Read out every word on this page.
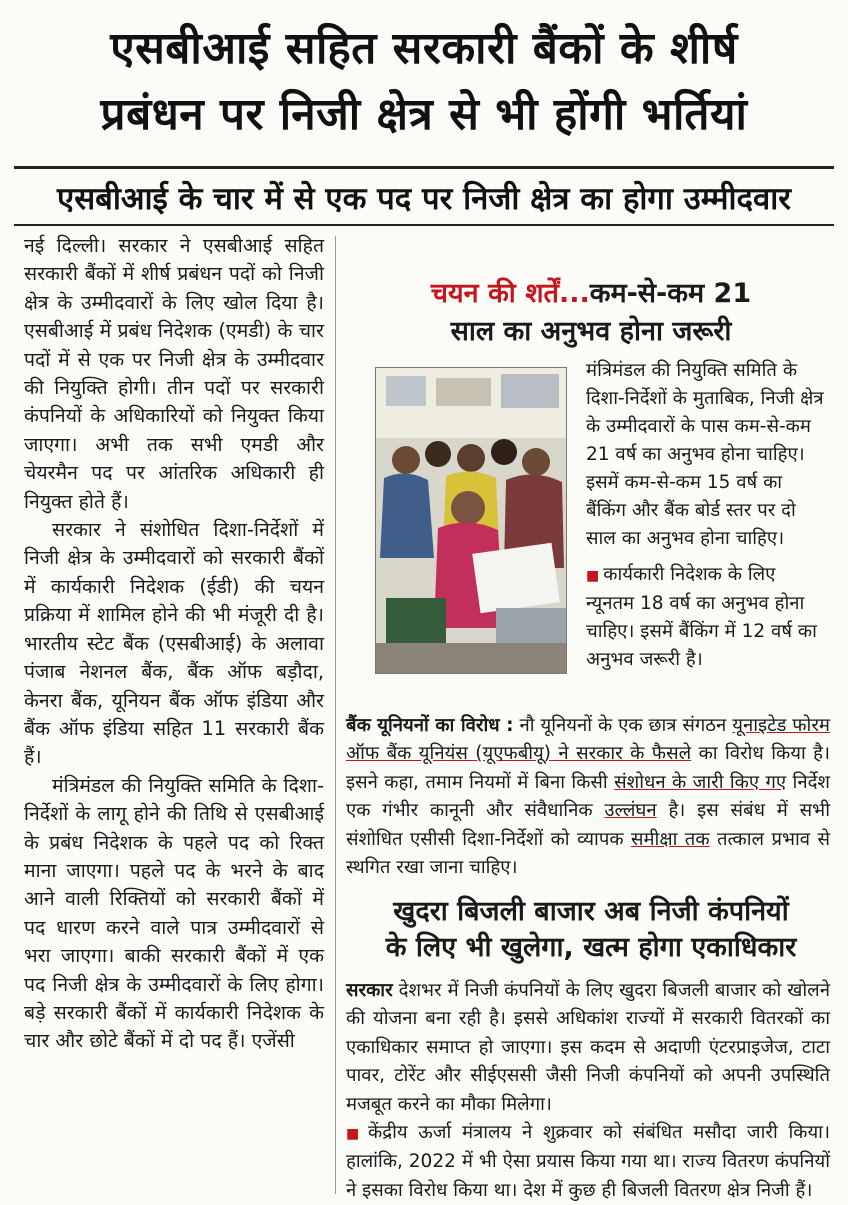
एसबीआई सहित सरकारी बैंकों के शीर्ष
प्रबंधन पर निजी क्षेत्र से भी होंगी भर्तियां
एसबीआई के चार में से एक पद पर निजी क्षेत्र का होगा उम्मीदवार

नई दिल्ली। सरकार ने एसबीआई सहित सरकारी बैंकों में शीर्ष प्रबंधन पदों को निजी क्षेत्र के उम्मीदवारों के लिए खोल दिया है। एसबीआई में प्रबंध निदेशक (एमडी) के चार पदों में से एक पर निजी क्षेत्र के उम्मीदवार की नियुक्ति होगी। तीन पदों पर सरकारी कंपनियों के अधिकारियों को नियुक्त किया जाएगा। अभी तक सभी एमडी और चेयरमैन पद पर आंतरिक अधिकारी ही नियुक्त होते हैं।

सरकार ने संशोधित दिशा-निर्देशों में निजी क्षेत्र के उम्मीदवारों को सरकारी बैंकों में कार्यकारी निदेशक (ईडी) की चयन प्रक्रिया में शामिल होने की भी मंजूरी दी है। भारतीय स्टेट बैंक (एसबीआई) के अलावा पंजाब नेशनल बैंक, बैंक ऑफ बड़ौदा, केनरा बैंक, यूनियन बैंक ऑफ इंडिया और बैंक ऑफ इंडिया सहित 11 सरकारी बैंक हैं।

मंत्रिमंडल की नियुक्ति समिति के दिशा-निर्देशों के लागू होने की तिथि से एसबीआई के प्रबंध निदेशक के पहले पद को रिक्त माना जाएगा। पहले पद के भरने के बाद आने वाली रिक्तियों को सरकारी बैंकों में पद धारण करने वाले पात्र उम्मीदवारों से भरा जाएगा। बाकी सरकारी बैंकों में एक पद निजी क्षेत्र के उम्मीदवारों के लिए होगा। बड़े सरकारी बैंकों में कार्यकारी निदेशक के चार और छोटे बैंकों में दो पद हैं। एजेंसी

चयन की शर्तें...कम-से-कम 21
साल का अनुभव होना जरूरी

मंत्रिमंडल की नियुक्ति समिति के दिशा-निर्देशों के मुताबिक, निजी क्षेत्र के उम्मीदवारों के पास कम-से-कम 21 वर्ष का अनुभव होना चाहिए। इसमें कम-से-कम 15 वर्ष का बैंकिंग और बैंक बोर्ड स्तर पर दो साल का अनुभव होना चाहिए।

■ कार्यकारी निदेशक के लिए न्यूनतम 18 वर्ष का अनुभव होना चाहिए। इसमें बैंकिंग में 12 वर्ष का अनुभव जरूरी है।

बैंक यूनियनों का विरोध : नौ यूनियनों के एक छात्र संगठन यूनाइटेड फोरम ऑफ बैंक यूनियंस (यूएफबीयू) ने सरकार के फैसले का विरोध किया है। इसने कहा, तमाम नियमों में बिना किसी संशोधन के जारी किए गए निर्देश एक गंभीर कानूनी और संवैधानिक उल्लंघन है। इस संबंध में सभी संशोधित एसीसी दिशा-निर्देशों को व्यापक समीक्षा तक तत्काल प्रभाव से स्थगित रखा जाना चाहिए।
खुदरा बिजली बाजार अब निजी कंपनियों
के लिए भी खुलेगा, खत्म होगा एकाधिकार

सरकार देशभर में निजी कंपनियों के लिए खुदरा बिजली बाजार को खोलने की योजना बना रही है। इससे अधिकांश राज्यों में सरकारी वितरकों का एकाधिकार समाप्त हो जाएगा। इस कदम से अदाणी एंटरप्राइजेज, टाटा पावर, टोरेंट और सीईएससी जैसी निजी कंपनियों को अपनी उपस्थिति मजबूत करने का मौका मिलेगा।

■ केंद्रीय ऊर्जा मंत्रालय ने शुक्रवार को संबंधित मसौदा जारी किया। हालांकि, 2022 में भी ऐसा प्रयास किया गया था। राज्य वितरण कंपनियों ने इसका विरोध किया था। देश में कुछ ही बिजली वितरण क्षेत्र निजी हैं।
